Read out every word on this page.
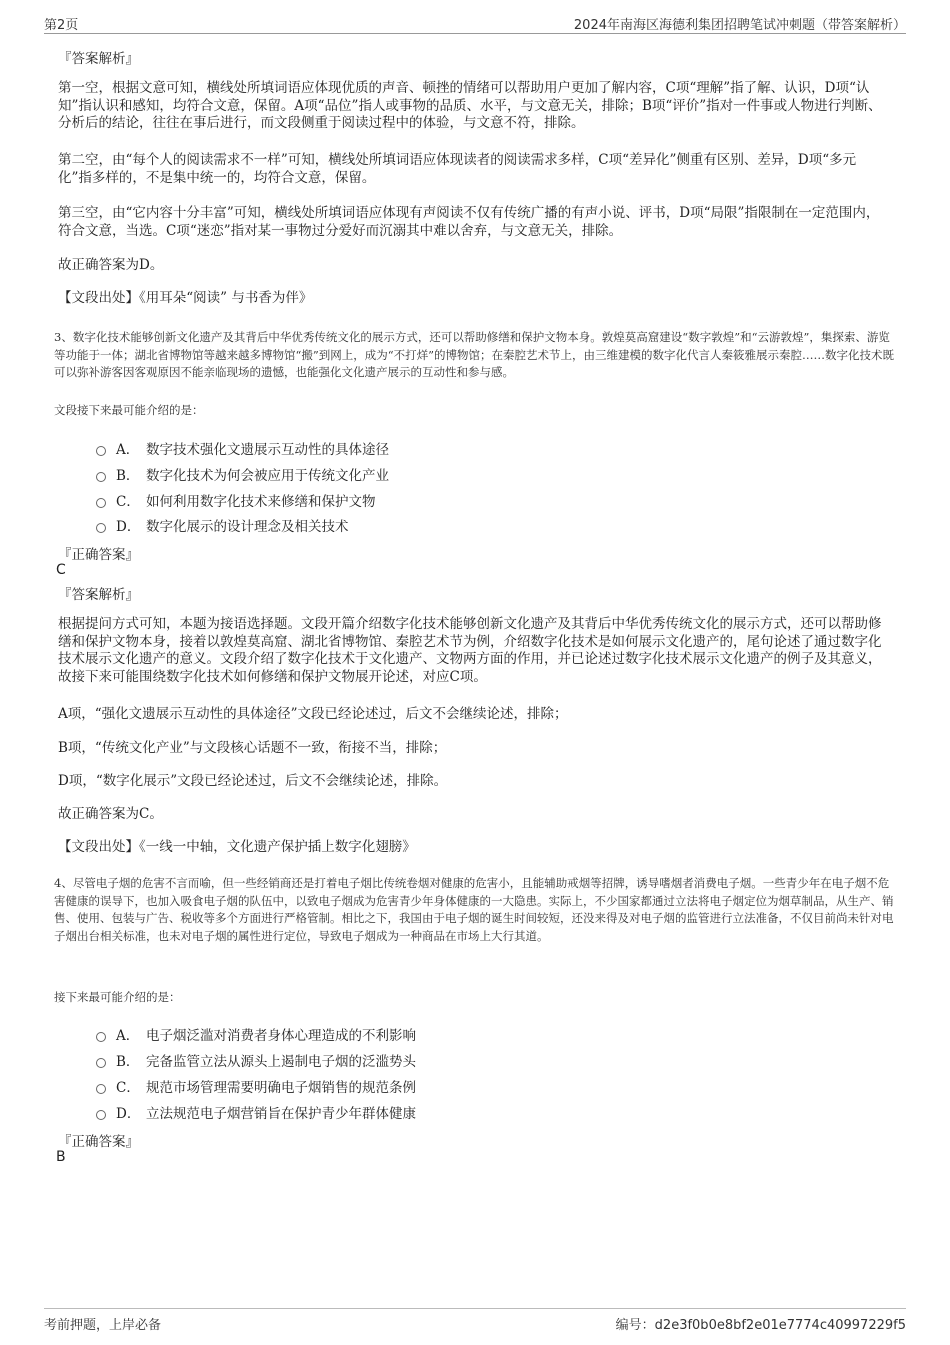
第2页	2024年南海区海德利集团招聘笔试冲刺题（带答案解析）
『答案解析』

第一空，根据文意可知，横线处所填词语应体现优质的声音、顿挫的情绪可以帮助用户更加了解内容，C项“理解”指了解、认识，D项“认知”指认识和感知，均符合文意，保留。A项“品位”指人或事物的品质、水平，与文意无关，排除；B项“评价”指对一件事或人物进行判断、分析后的结论，往往在事后进行，而文段侧重于阅读过程中的体验，与文意不符，排除。

第二空，由“每个人的阅读需求不一样”可知，横线处所填词语应体现读者的阅读需求多样，C项“差异化”侧重有区别、差异，D项“多元化”指多样的，不是集中统一的，均符合文意，保留。

第三空，由“它内容十分丰富”可知，横线处所填词语应体现有声阅读不仅有传统广播的有声小说、评书，D项“局限”指限制在一定范围内，符合文意，当选。C项“迷恋”指对某一事物过分爱好而沉溺其中难以舍弃，与文意无关，排除。

故正确答案为D。

【文段出处】《用耳朵“阅读” 与书香为伴》

3、数字化技术能够创新文化遗产及其背后中华优秀传统文化的展示方式，还可以帮助修缮和保护文物本身。敦煌莫高窟建设“数字敦煌”和“云游敦煌”，集探索、游览等功能于一体；湖北省博物馆等越来越多博物馆“搬”到网上，成为“不打烊”的博物馆；在秦腔艺术节上，由三维建模的数字化代言人秦筱雅展示秦腔……数字化技术既可以弥补游客因客观原因不能亲临现场的遗憾，也能强化文化遗产展示的互动性和参与感。

文段接下来最可能介绍的是：

A． 数字技术强化文遗展示互动性的具体途径
B． 数字化技术为何会被应用于传统文化产业
C． 如何利用数字化技术来修缮和保护文物
D． 数字化展示的设计理念及相关技术
『正确答案』
C
『答案解析』

根据提问方式可知，本题为接语选择题。文段开篇介绍数字化技术能够创新文化遗产及其背后中华优秀传统文化的展示方式，还可以帮助修缮和保护文物本身，接着以敦煌莫高窟、湖北省博物馆、秦腔艺术节为例，介绍数字化技术是如何展示文化遗产的，尾句论述了通过数字化技术展示文化遗产的意义。文段介绍了数字化技术于文化遗产、文物两方面的作用，并已论述过数字化技术展示文化遗产的例子及其意义，故接下来可能围绕数字化技术如何修缮和保护文物展开论述，对应C项。

A项，“强化文遗展示互动性的具体途径”文段已经论述过，后文不会继续论述，排除；

B项，“传统文化产业”与文段核心话题不一致，衔接不当，排除；

D项，“数字化展示”文段已经论述过，后文不会继续论述，排除。

故正确答案为C。

【文段出处】《一线一中轴，文化遗产保护插上数字化翅膀》

4、尽管电子烟的危害不言而喻，但一些经销商还是打着电子烟比传统卷烟对健康的危害小，且能辅助戒烟等招牌，诱导嗜烟者消费电子烟。一些青少年在电子烟不危害健康的误导下，也加入吸食电子烟的队伍中，以致电子烟成为危害青少年身体健康的一大隐患。实际上，不少国家都通过立法将电子烟定位为烟草制品，从生产、销售、使用、包装与广告、税收等多个方面进行严格管制。相比之下，我国由于电子烟的诞生时间较短，还没来得及对电子烟的监管进行立法准备，不仅目前尚未针对电子烟出台相关标准，也未对电子烟的属性进行定位，导致电子烟成为一种商品在市场上大行其道。

接下来最可能介绍的是：

A． 电子烟泛滥对消费者身体心理造成的不利影响
B． 完备监管立法从源头上遏制电子烟的泛滥势头
C． 规范市场管理需要明确电子烟销售的规范条例
D． 立法规范电子烟营销旨在保护青少年群体健康
『正确答案』
B
考前押题，上岸必备	编号：d2e3f0b0e8bf2e01e7774c40997229f5
